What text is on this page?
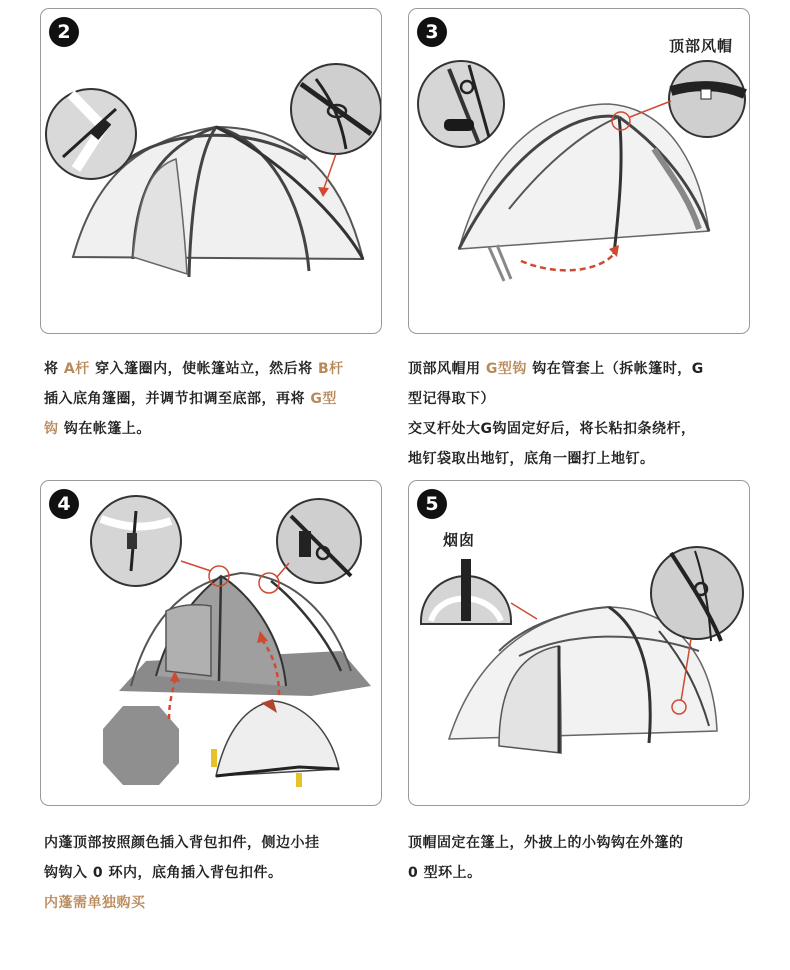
2	3
顶部风帽

将 A杆 穿入篷圈内，使帐篷站立，然后将 B杆

插入底角篷圈，并调节扣调至底部，再将 G型

钩 钩在帐篷上。

顶部风帽用 G型钩 钩在管套上（拆帐篷时，G

型记得取下）

交叉杆处大G钩固定好后，将长粘扣条绕杆，

地钉袋取出地钉，底角一圈打上地钉。

4	5
烟囱

内蓬顶部按照颜色插入背包扣件，侧边小挂

钩钩入 0 环内，底角插入背包扣件。

内蓬需单独购买

顶帽固定在篷上，外披上的小钩钩在外篷的

0 型环上。
